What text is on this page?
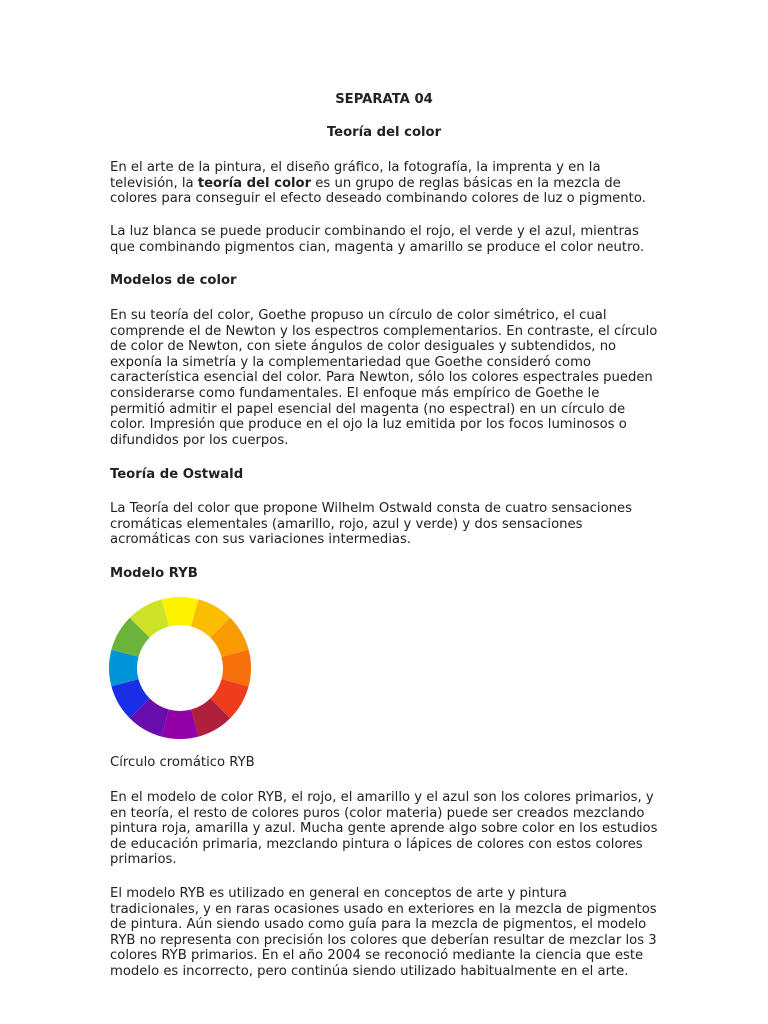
SEPARATA 04
Teoría del color

En el arte de la pintura, el diseño gráfico, la fotografía, la imprenta y en la televisión, la teoría del color es un grupo de reglas básicas en la mezcla de colores para conseguir el efecto deseado combinando colores de luz o pigmento.

La luz blanca se puede producir combinando el rojo, el verde y el azul, mientras que combinando pigmentos cian, magenta y amarillo se produce el color neutro.

Modelos de color

En su teoría del color, Goethe propuso un círculo de color simétrico, el cual comprende el de Newton y los espectros complementarios. En contraste, el círculo de color de Newton, con siete ángulos de color desiguales y subtendidos, no exponía la simetría y la complementariedad que Goethe consideró como característica esencial del color. Para Newton, sólo los colores espectrales pueden considerarse como fundamentales. El enfoque más empírico de Goethe le permitió admitir el papel esencial del magenta (no espectral) en un círculo de color. Impresión que produce en el ojo la luz emitida por los focos luminosos o difundidos por los cuerpos.

Teoría de Ostwald

La Teoría del color que propone Wilhelm Ostwald consta de cuatro sensaciones cromáticas elementales (amarillo, rojo, azul y verde) y dos sensaciones acromáticas con sus variaciones intermedias.

Modelo RYB
Círculo cromático RYB

En el modelo de color RYB, el rojo, el amarillo y el azul son los colores primarios, y en teoría, el resto de colores puros (color materia) puede ser creados mezclando pintura roja, amarilla y azul. Mucha gente aprende algo sobre color en los estudios de educación primaria, mezclando pintura o lápices de colores con estos colores primarios.

El modelo RYB es utilizado en general en conceptos de arte y pintura tradicionales, y en raras ocasiones usado en exteriores en la mezcla de pigmentos de pintura. Aún siendo usado como guía para la mezcla de pigmentos, el modelo RYB no representa con precisión los colores que deberían resultar de mezclar los 3 colores RYB primarios. En el año 2004 se reconoció mediante la ciencia que este modelo es incorrecto, pero continúa siendo utilizado habitualmente en el arte.
